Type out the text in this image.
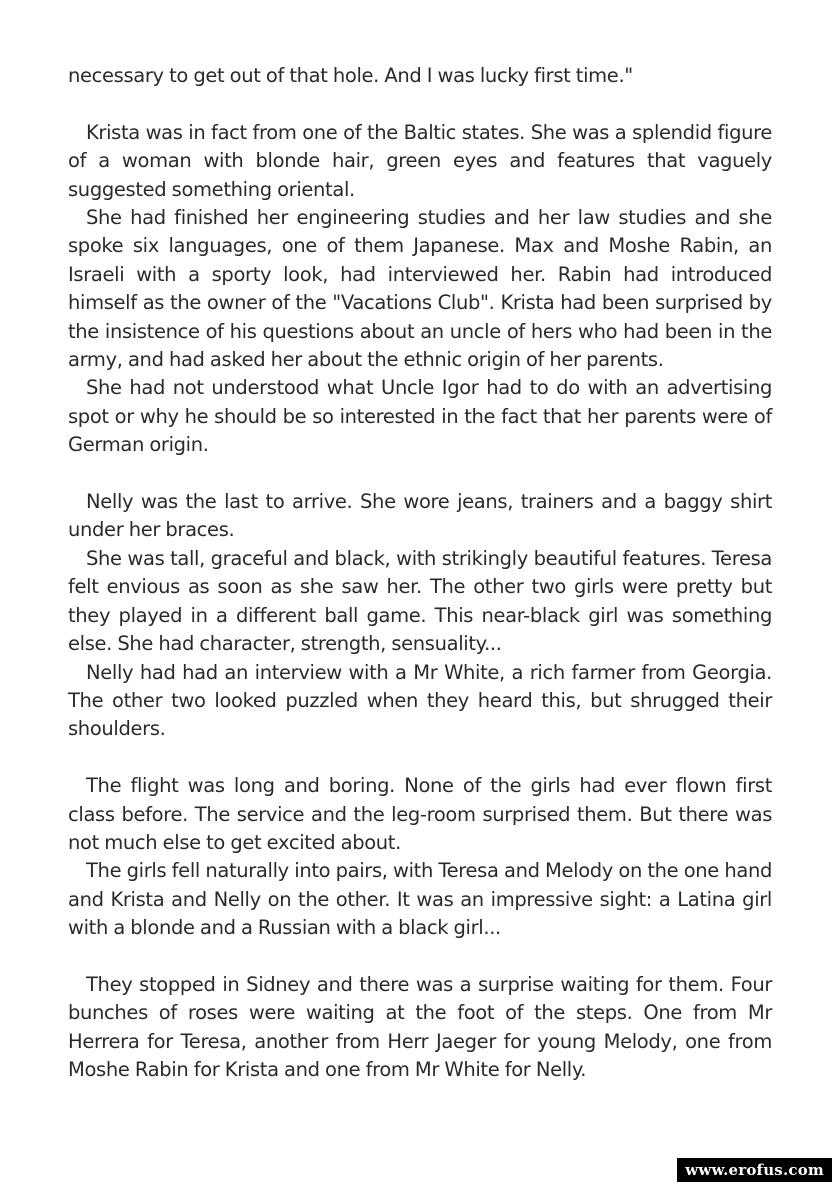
necessary to get out of that hole. And I was lucky first time."

Krista was in fact from one of the Baltic states. She was a splendid figure of a woman with blonde hair, green eyes and features that vaguely suggested something oriental.

She had finished her engineering studies and her law studies and she spoke six languages, one of them Japanese. Max and Moshe Rabin, an Israeli with a sporty look, had interviewed her. Rabin had introduced himself as the owner of the "Vacations Club". Krista had been surprised by the insistence of his questions about an uncle of hers who had been in the army, and had asked her about the ethnic origin of her parents.

She had not understood what Uncle Igor had to do with an advertising spot or why he should be so interested in the fact that her parents were of German origin.

Nelly was the last to arrive. She wore jeans, trainers and a baggy shirt under her braces.

She was tall, graceful and black, with strikingly beautiful features. Teresa felt envious as soon as she saw her. The other two girls were pretty but they played in a different ball game. This near-black girl was something else. She had character, strength, sensuality...

Nelly had had an interview with a Mr White, a rich farmer from Georgia. The other two looked puzzled when they heard this, but shrugged their shoulders.

The flight was long and boring. None of the girls had ever flown first class before. The service and the leg-room surprised them. But there was not much else to get excited about.

The girls fell naturally into pairs, with Teresa and Melody on the one hand and Krista and Nelly on the other. It was an impressive sight: a Latina girl with a blonde and a Russian with a black girl...

They stopped in Sidney and there was a surprise waiting for them. Four bunches of roses were waiting at the foot of the steps. One from Mr Herrera for Teresa, another from Herr Jaeger for young Melody, one from Moshe Rabin for Krista and one from Mr White for Nelly.

www.erofus.com
